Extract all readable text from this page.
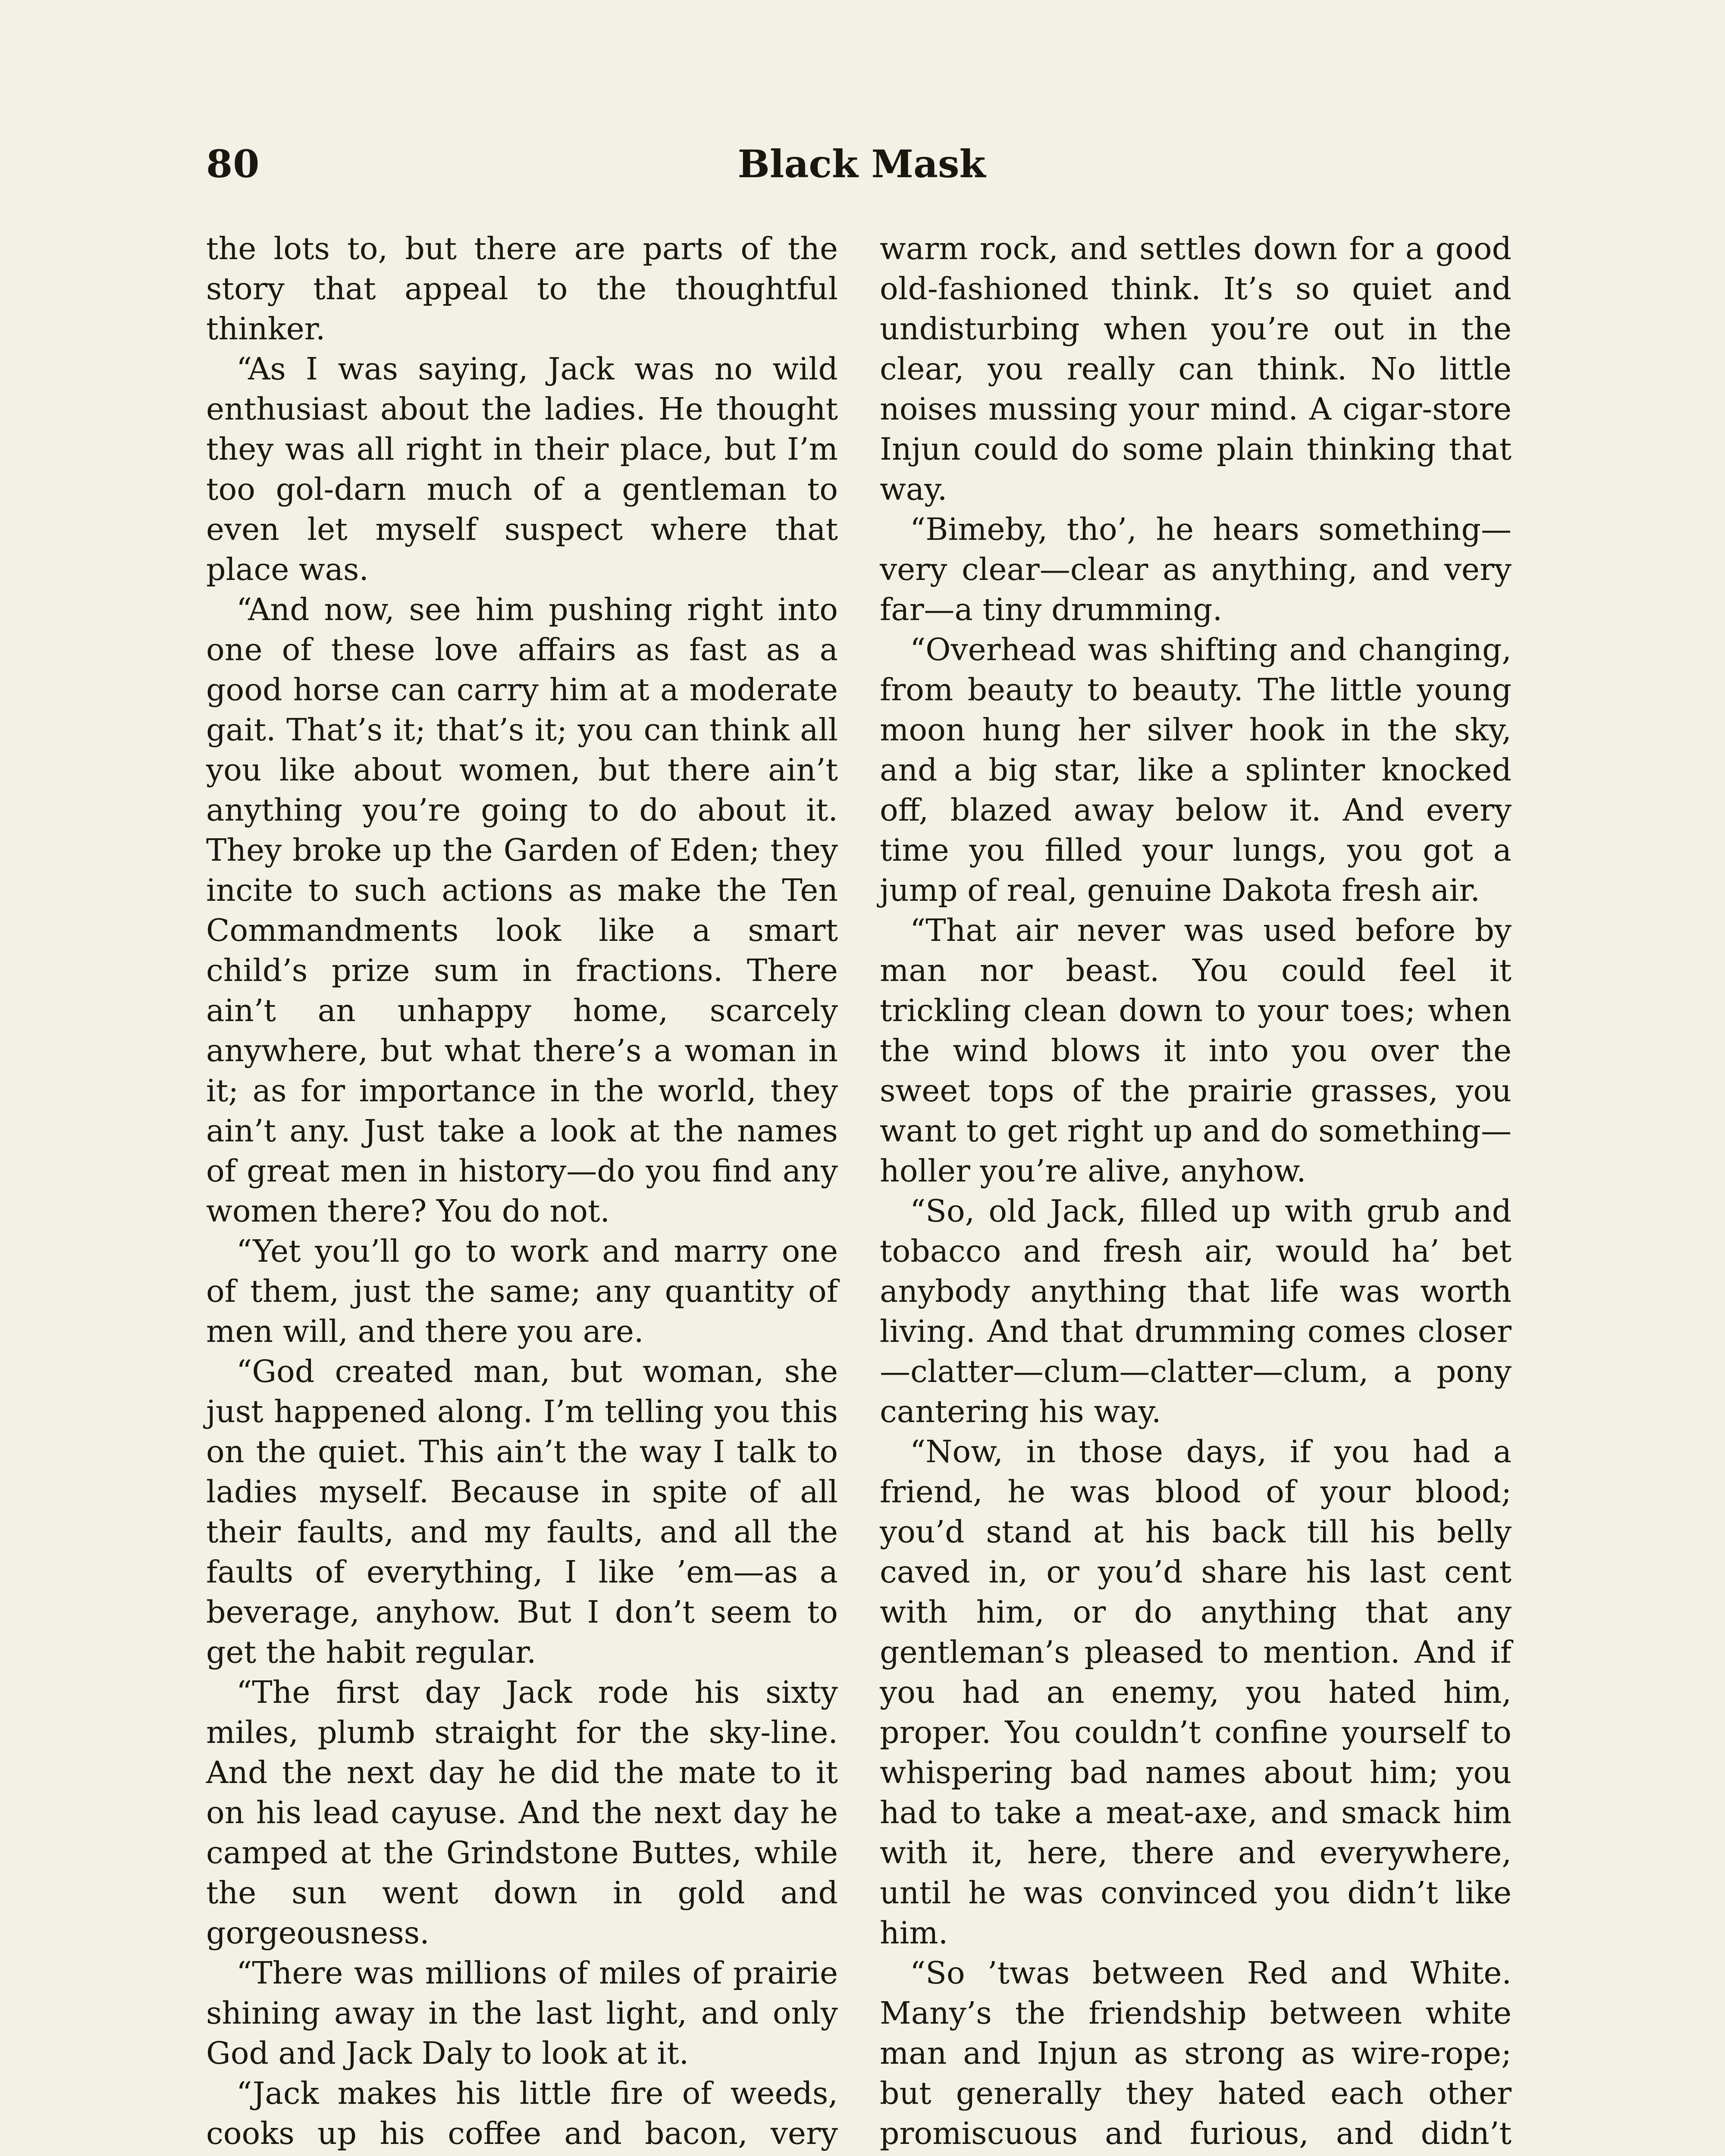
80	Black Mask

the lots to, but there are parts of the story that appeal to the thoughtful thinker.

“As I was saying, Jack was no wild enthusiast about the ladies. He thought they was all right in their place, but I’m too gol-darn much of a gentleman to even let myself suspect where that place was.

“And now, see him pushing right into one of these love affairs as fast as a good horse can carry him at a moderate gait. That’s it; that’s it; you can think all you like about women, but there ain’t anything you’re going to do about it. They broke up the Garden of Eden; they incite to such actions as make the Ten Commandments look like a smart child’s prize sum in fractions. There ain’t an unhappy home, scarcely anywhere, but what there’s a woman in it; as for importance in the world, they ain’t any. Just take a look at the names of great men in history—do you find any women there? You do not.

“Yet you’ll go to work and marry one of them, just the same; any quantity of men will, and there you are.

“God created man, but woman, she just happened along. I’m telling you this on the quiet. This ain’t the way I talk to ladies myself. Because in spite of all their faults, and my faults, and all the faults of everything, I like ’em—as a beverage, anyhow. But I don’t seem to get the habit regular.

“The first day Jack rode his sixty miles, plumb straight for the sky-line. And the next day he did the mate to it on his lead cayuse. And the next day he camped at the Grindstone Buttes, while the sun went down in gold and gorgeousness.

“There was millions of miles of prairie shining away in the last light, and only God and Jack Daly to look at it.

“Jack makes his little fire of weeds, cooks up his coffee and bacon, very

warm rock, and settles down for a good old-fashioned think. It’s so quiet and undisturbing when you’re out in the clear, you really can think. No little noises mussing your mind. A cigar-store Injun could do some plain thinking that way.

“Bimeby, tho’, he hears something—very clear—clear as anything, and very far—a tiny drumming.

“Overhead was shifting and changing, from beauty to beauty. The little young moon hung her silver hook in the sky, and a big star, like a splinter knocked off, blazed away below it. And every time you filled your lungs, you got a jump of real, genuine Dakota fresh air.

“That air never was used before by man nor beast. You could feel it trickling clean down to your toes; when the wind blows it into you over the sweet tops of the prairie grasses, you want to get right up and do something—holler you’re alive, anyhow.

“So, old Jack, filled up with grub and tobacco and fresh air, would ha’ bet anybody anything that life was worth living. And that drumming comes closer—clatter—clum—clatter—clum, a pony cantering his way.

“Now, in those days, if you had a friend, he was blood of your blood; you’d stand at his back till his belly caved in, or you’d share his last cent with him, or do anything that any gentleman’s pleased to mention. And if you had an enemy, you hated him, proper. You couldn’t confine yourself to whispering bad names about him; you had to take a meat-axe, and smack him with it, here, there and everywhere, until he was convinced you didn’t like him.

“So ’twas between Red and White. Many’s the friendship between white man and Injun as strong as wire-rope; but generally they hated each other promiscuous and furious, and didn’t
